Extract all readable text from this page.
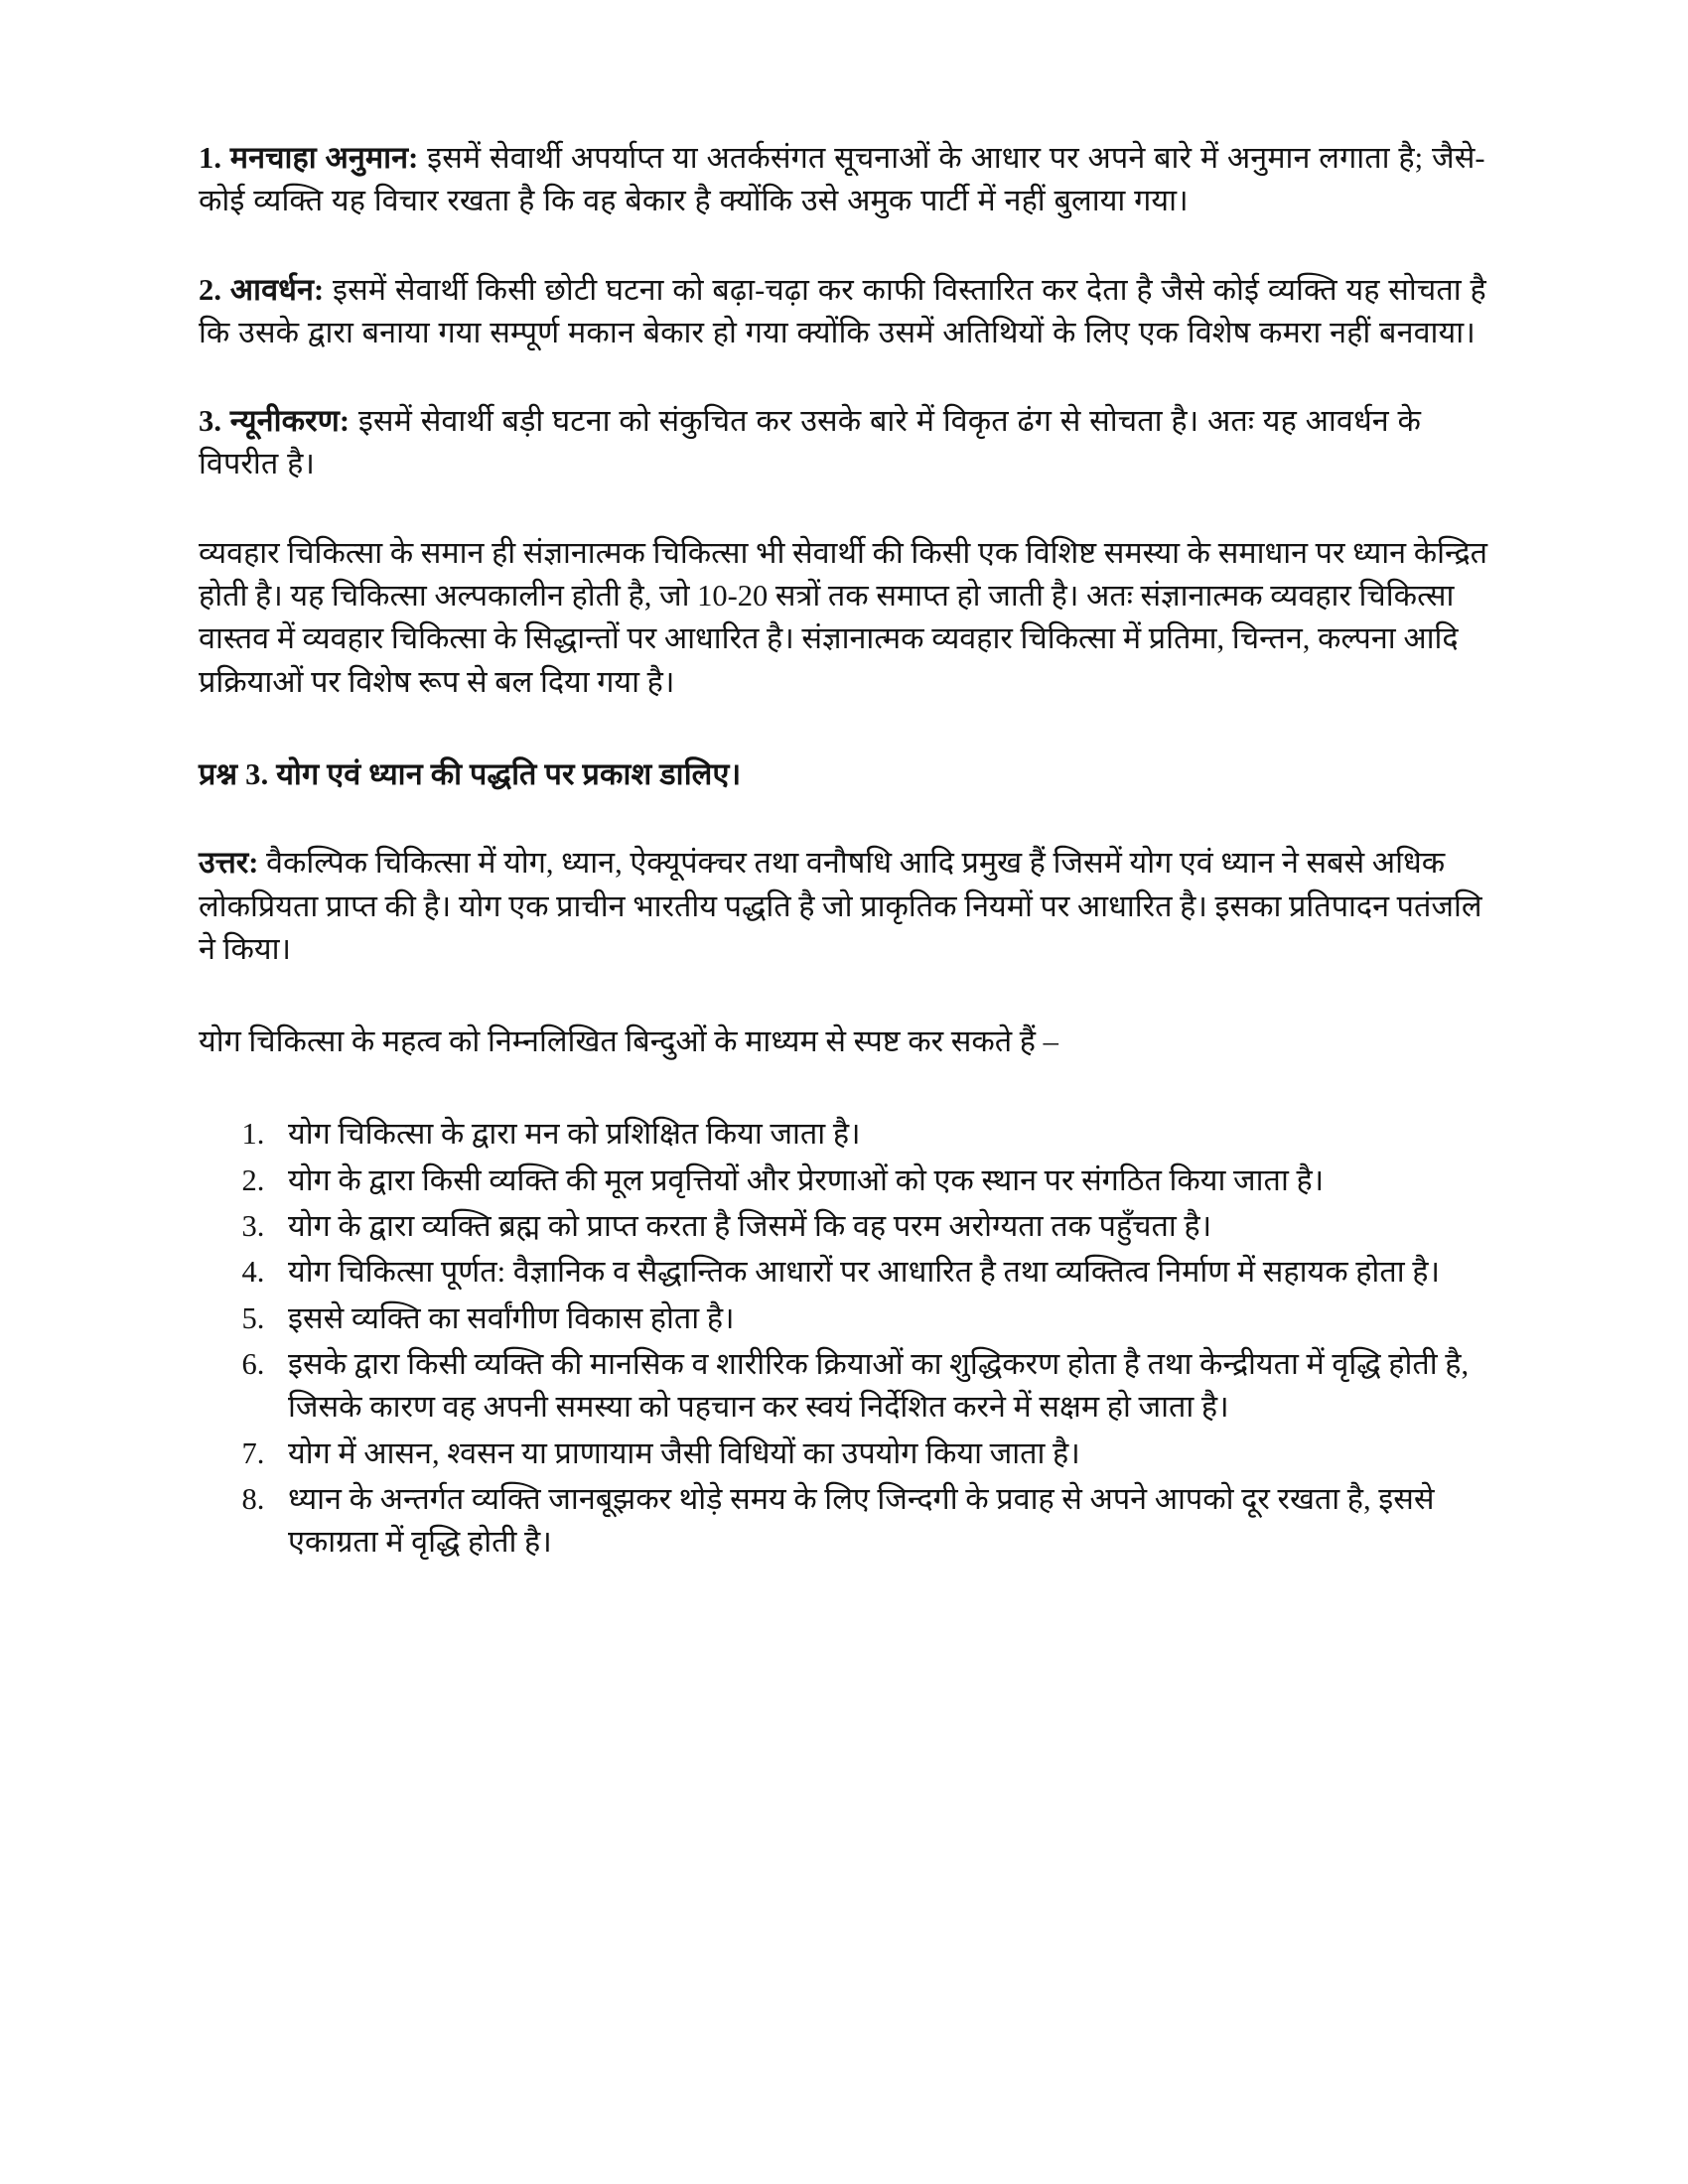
1. मनचाहा अनुमान: इसमें सेवार्थी अपर्याप्त या अतर्कसंगत सूचनाओं के आधार पर अपने बारे में अनुमान लगाता है; जैसे-कोई व्यक्ति यह विचार रखता है कि वह बेकार है क्योंकि उसे अमुक पार्टी में नहीं बुलाया गया।

2. आवर्धन: इसमें सेवार्थी किसी छोटी घटना को बढ़ा-चढ़ा कर काफी विस्तारित कर देता है जैसे कोई व्यक्ति यह सोचता है कि उसके द्वारा बनाया गया सम्पूर्ण मकान बेकार हो गया क्योंकि उसमें अतिथियों के लिए एक विशेष कमरा नहीं बनवाया।

3. न्यूनीकरण: इसमें सेवार्थी बड़ी घटना को संकुचित कर उसके बारे में विकृत ढंग से सोचता है। अतः यह आवर्धन के विपरीत है।

व्यवहार चिकित्सा के समान ही संज्ञानात्मक चिकित्सा भी सेवार्थी की किसी एक विशिष्ट समस्या के समाधान पर ध्यान केन्द्रित होती है। यह चिकित्सा अल्पकालीन होती है, जो 10-20 सत्रों तक समाप्त हो जाती है। अतः संज्ञानात्मक व्यवहार चिकित्सा वास्तव में व्यवहार चिकित्सा के सिद्धान्तों पर आधारित है। संज्ञानात्मक व्यवहार चिकित्सा में प्रतिमा, चिन्तन, कल्पना आदि प्रक्रियाओं पर विशेष रूप से बल दिया गया है।

प्रश्न 3. योग एवं ध्यान की पद्धति पर प्रकाश डालिए।

उत्तर: वैकल्पिक चिकित्सा में योग, ध्यान, ऐक्यूपंक्चर तथा वनौषधि आदि प्रमुख हैं जिसमें योग एवं ध्यान ने सबसे अधिक लोकप्रियता प्राप्त की है। योग एक प्राचीन भारतीय पद्धति है जो प्राकृतिक नियमों पर आधारित है। इसका प्रतिपादन पतंजलि ने किया।

योग चिकित्सा के महत्व को निम्नलिखित बिन्दुओं के माध्यम से स्पष्ट कर सकते हैं –

1. योग चिकित्सा के द्वारा मन को प्रशिक्षित किया जाता है।
2. योग के द्वारा किसी व्यक्ति की मूल प्रवृत्तियों और प्रेरणाओं को एक स्थान पर संगठित किया जाता है।
3. योग के द्वारा व्यक्ति ब्रह्म को प्राप्त करता है जिसमें कि वह परम अरोग्यता तक पहुँचता है।
4. योग चिकित्सा पूर्णत: वैज्ञानिक व सैद्धान्तिक आधारों पर आधारित है तथा व्यक्तित्व निर्माण में सहायक होता है।
5. इससे व्यक्ति का सर्वांगीण विकास होता है।
6. इसके द्वारा किसी व्यक्ति की मानसिक व शारीरिक क्रियाओं का शुद्धिकरण होता है तथा केन्द्रीयता में वृद्धि होती है, जिसके कारण वह अपनी समस्या को पहचान कर स्वयं निर्देशित करने में सक्षम हो जाता है।
7. योग में आसन, श्वसन या प्राणायाम जैसी विधियों का उपयोग किया जाता है।
8. ध्यान के अन्तर्गत व्यक्ति जानबूझकर थोड़े समय के लिए जिन्दगी के प्रवाह से अपने आपको दूर रखता है, इससे एकाग्रता में वृद्धि होती है।
